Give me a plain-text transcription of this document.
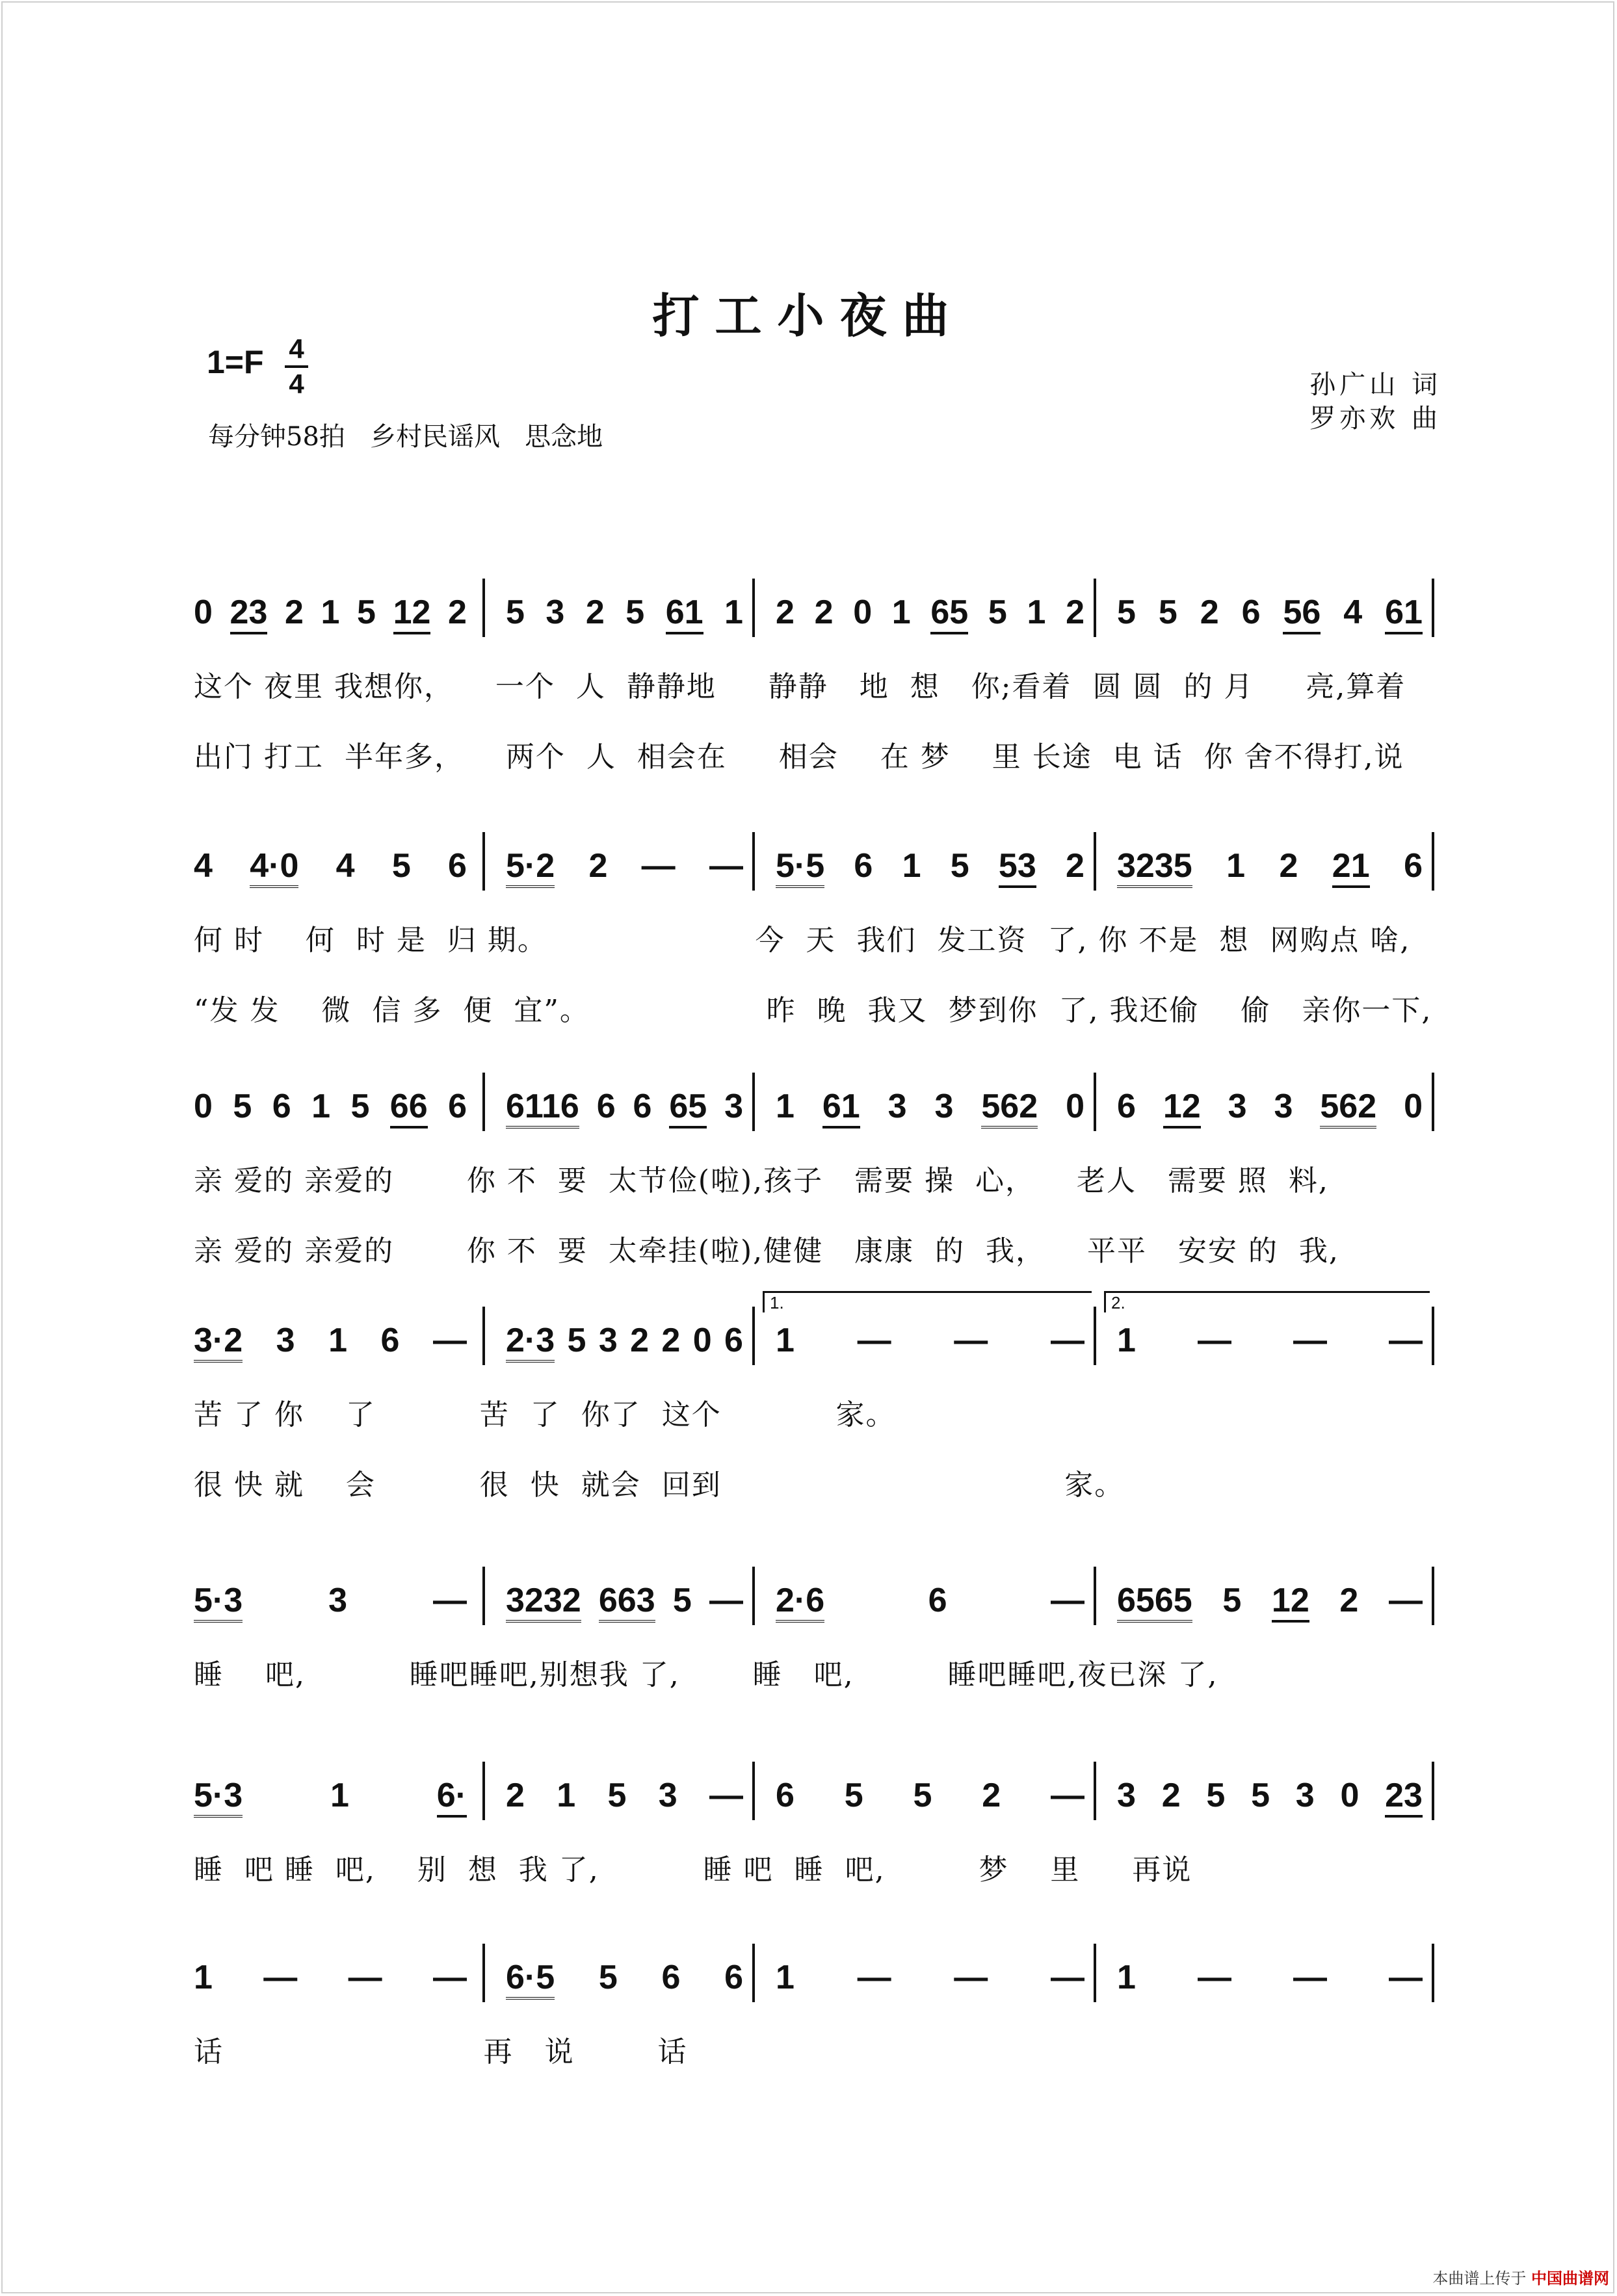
打工小夜曲
1=F 4
4
每分钟58拍   乡村民谣风   思念地
孙广山 词
罗亦欢 曲
0 23 2 1 5 12 2 5 3 2 5 61 1 2 2 0 1 65 5 1 2 5 5 2 6 56 4 61
这个 夜里 我想你，    一个  人  静静地     静静   地  想   你;看着  圆 圆  的 月     亮,算着
出门 打工  半年多，    两个  人  相会在     相会    在 梦    里 长途  电 话  你 舍不得打,说
4 4·0 4 5 6 5·2 2 — — 5·5 6 1 5 53 2 3235 1 2 21 6
何 时    何  时 是  归 期。                    今  天  我们  发工资  了, 你 不是  想  网购点 啥,
“发 发    微  信 多  便  宜”。                 昨  晚  我又  梦到你  了, 我还偷    偷   亲你一下,
0 5 6 1 5 66 6 6116 6 6 65 3 1 61 3 3 562 0 6 12 3 3 562 0
亲 爱的 亲爱的       你 不  要  太节俭(啦),孩子   需要 操  心，    老人   需要 照  料,
亲 爱的 亲爱的       你 不  要  太牵挂(啦),健健   康康  的  我，    平平   安安 的  我,
3·2 3 1 6 — 2·3 5 3 2 2 0 6 1 — — — 1 — — —
1.	2.
苦 了 你    了          苦  了  你了  这个           家。
很 快 就    会          很  快  就会  回到                                 家。
5·3	3	— 3232 663 5 — 2·6	6	— 6565 5 12 2 —
睡    吧,          睡吧睡吧,别想我 了,       睡   吧,         睡吧睡吧,夜已深 了,
5·3	1	6· 2 1 5 3 — 6 5 5 2 — 3 2 5 5 3 0 23
睡  吧 睡  吧,    别  想  我 了,          睡 吧  睡  吧,         梦    里     再说
1 — — — 6·5 5 6 6 1 — — — 1 — — —
话                         再   说        话
本曲谱上传于 中国曲谱网
